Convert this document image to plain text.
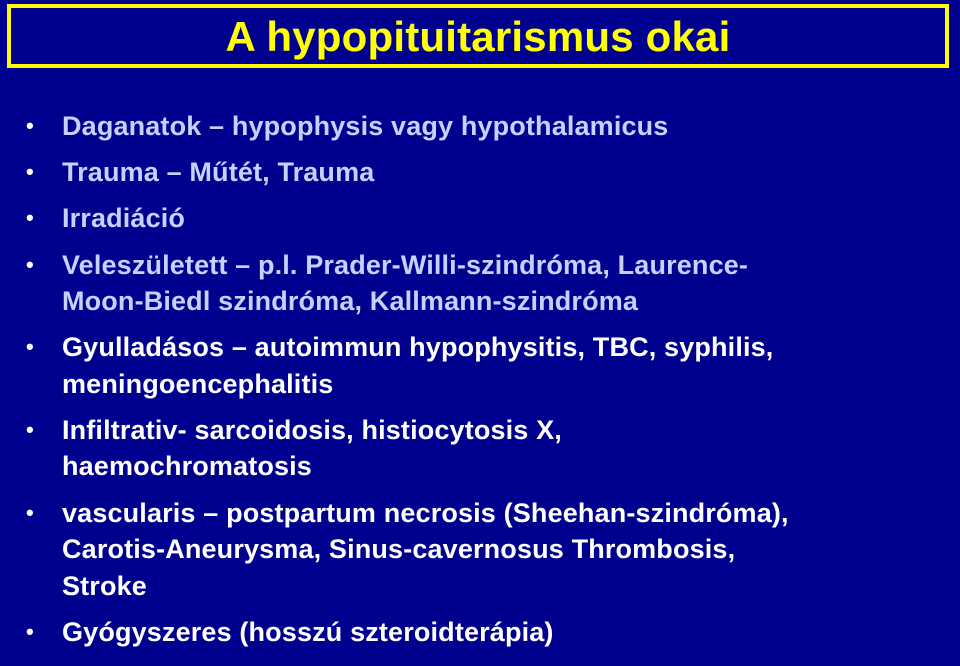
A hypopituitarismus okai
• Daganatok – hypophysis vagy hypothalamicus
• Trauma – Műtét, Trauma
• Irradiáció
• Veleszületett – p.l. Prader-Willi-szindróma, Laurence-
Moon-Biedl szindróma, Kallmann-szindróma
• Gyulladásos – autoimmun hypophysitis, TBC, syphilis,
meningoencephalitis
• Infiltrativ- sarcoidosis, histiocytosis X,
haemochromatosis
• vascularis – postpartum necrosis (Sheehan-szindróma),
Carotis-Aneurysma, Sinus-cavernosus Thrombosis,
Stroke
• Gyógyszeres (hosszú szteroidterápia)
